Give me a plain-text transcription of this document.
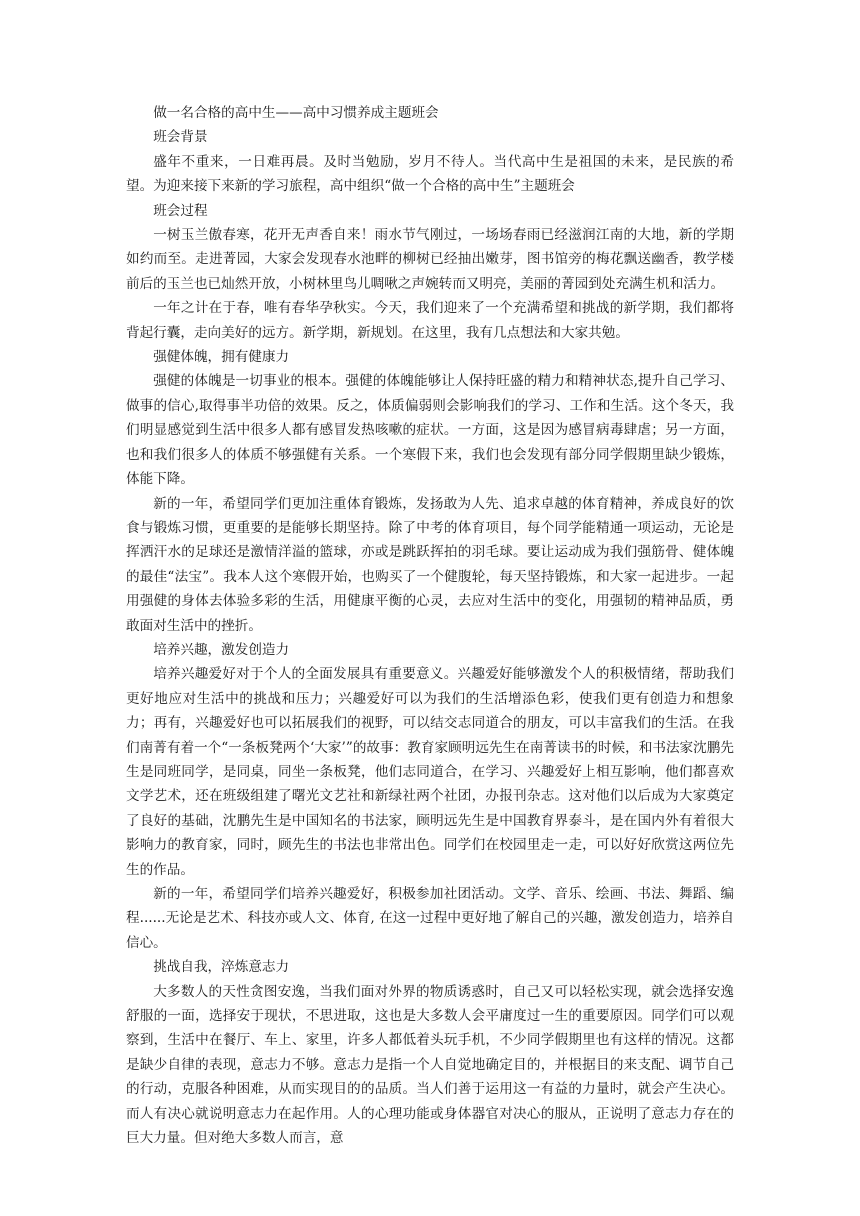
做一名合格的高中生——高中习惯养成主题班会

班会背景

盛年不重来，一日难再晨。及时当勉励，岁月不待人。当代高中生是祖国的未来，是民族的希望。为迎来接下来新的学习旅程，高中组织“做一个合格的高中生”主题班会

班会过程

一树玉兰傲春寒，花开无声香自来！雨水节气刚过，一场场春雨已经滋润江南的大地，新的学期如约而至。走进菁园，大家会发现春水池畔的柳树已经抽出嫩芽，图书馆旁的梅花飘送幽香，教学楼前后的玉兰也已灿然开放，小树林里鸟儿啁啾之声婉转而又明亮，美丽的菁园到处充满生机和活力。

一年之计在于春，唯有春华孕秋实。今天，我们迎来了一个充满希望和挑战的新学期，我们都将背起行囊，走向美好的远方。新学期，新规划。在这里，我有几点想法和大家共勉。

强健体魄，拥有健康力

强健的体魄是一切事业的根本。强健的体魄能够让人保持旺盛的精力和精神状态,提升自己学习、做事的信心,取得事半功倍的效果。反之，体质偏弱则会影响我们的学习、工作和生活。这个冬天，我们明显感觉到生活中很多人都有感冒发热咳嗽的症状。一方面，这是因为感冒病毒肆虐；另一方面，也和我们很多人的体质不够强健有关系。一个寒假下来，我们也会发现有部分同学假期里缺少锻炼，体能下降。

新的一年，希望同学们更加注重体育锻炼，发扬敢为人先、追求卓越的体育精神，养成良好的饮食与锻炼习惯，更重要的是能够长期坚持。除了中考的体育项目，每个同学能精通一项运动，无论是挥洒汗水的足球还是激情洋溢的篮球，亦或是跳跃挥拍的羽毛球。要让运动成为我们强筋骨、健体魄的最佳“法宝”。我本人这个寒假开始，也购买了一个健腹轮，每天坚持锻炼，和大家一起进步。一起用强健的身体去体验多彩的生活，用健康平衡的心灵，去应对生活中的变化，用强韧的精神品质，勇敢面对生活中的挫折。

培养兴趣，激发创造力

培养兴趣爱好对于个人的全面发展具有重要意义。兴趣爱好能够激发个人的积极情绪，帮助我们更好地应对生活中的挑战和压力；兴趣爱好可以为我们的生活增添色彩，使我们更有创造力和想象力；再有，兴趣爱好也可以拓展我们的视野，可以结交志同道合的朋友，可以丰富我们的生活。在我们南菁有着一个“一条板凳两个‘大家’”的故事：教育家顾明远先生在南菁读书的时候，和书法家沈鹏先生是同班同学，是同桌，同坐一条板凳，他们志同道合，在学习、兴趣爱好上相互影响，他们都喜欢文学艺术，还在班级组建了曙光文艺社和新绿社两个社团，办报刊杂志。这对他们以后成为大家奠定了良好的基础，沈鹏先生是中国知名的书法家，顾明远先生是中国教育界泰斗，是在国内外有着很大影响力的教育家，同时，顾先生的书法也非常出色。同学们在校园里走一走，可以好好欣赏这两位先生的作品。

新的一年，希望同学们培养兴趣爱好，积极参加社团活动。文学、音乐、绘画、书法、舞蹈、编程......无论是艺术、科技亦或人文、体育, 在这一过程中更好地了解自己的兴趣，激发创造力，培养自信心。

挑战自我，淬炼意志力

大多数人的天性贪图安逸，当我们面对外界的物质诱惑时，自己又可以轻松实现，就会选择安逸舒服的一面，选择安于现状，不思进取，这也是大多数人会平庸度过一生的重要原因。同学们可以观察到，生活中在餐厅、车上、家里，许多人都低着头玩手机，不少同学假期里也有这样的情况。这都是缺少自律的表现，意志力不够。意志力是指一个人自觉地确定目的，并根据目的来支配、调节自己的行动，克服各种困难，从而实现目的的品质。当人们善于运用这一有益的力量时，就会产生决心。而人有决心就说明意志力在起作用。人的心理功能或身体器官对决心的服从，正说明了意志力存在的巨大力量。但对绝大多数人而言，意
